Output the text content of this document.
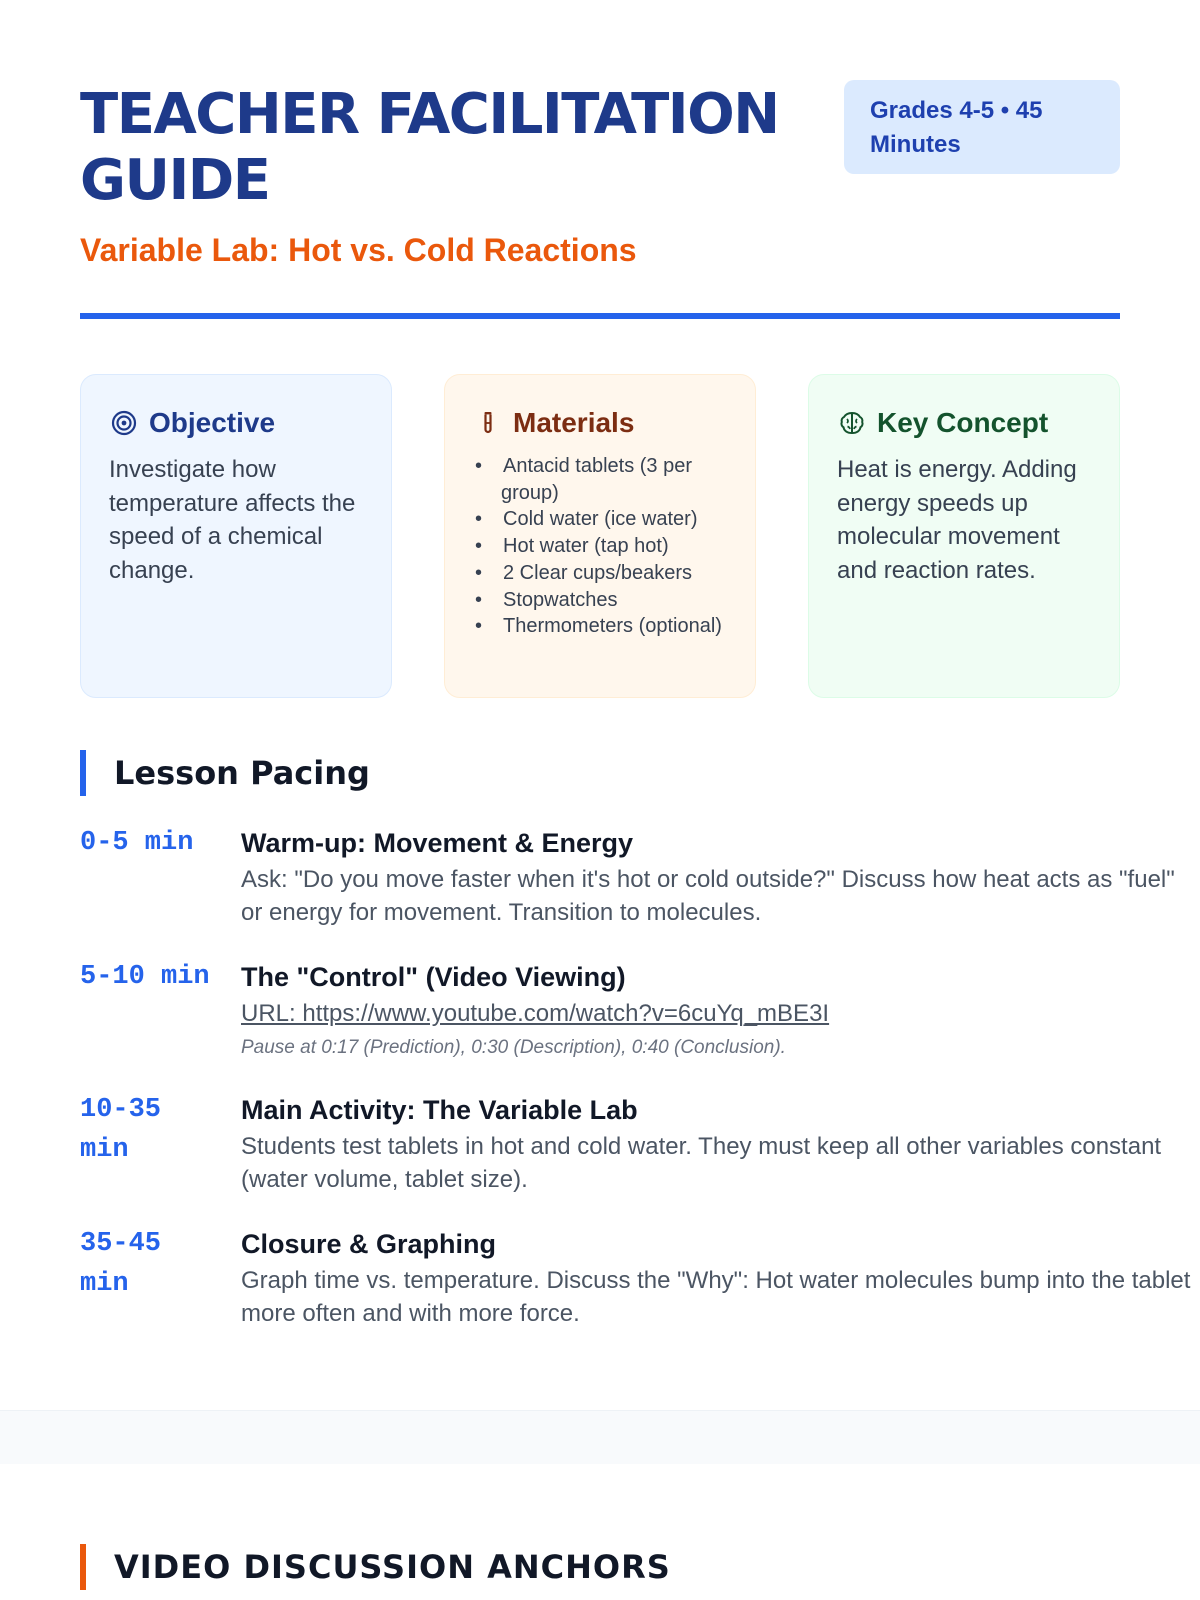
TEACHER FACILITATION GUIDE
Grades 4-5 • 45 Minutes
Variable Lab: Hot vs. Cold Reactions
Objective

Investigate how temperature affects the speed of a chemical change.

Materials
• Antacid tablets (3 per group)
• Cold water (ice water)
• Hot water (tap hot)
• 2 Clear cups/beakers
• Stopwatches
• Thermometers (optional)
Key Concept

Heat is energy. Adding energy speeds up molecular movement and reaction rates.

Lesson Pacing
0-5 min	Warm-up: Movement & Energy

Ask: "Do you move faster when it's hot or cold outside?" Discuss how heat acts as "fuel" or energy for movement. Transition to molecules.

5-10 min	The "Control" (Video Viewing)
URL: https://www.youtube.com/watch?v=6cuYq_mBE3I

Pause at 0:17 (Prediction), 0:30 (Description), 0:40 (Conclusion).

10-35 min
Main Activity: The Variable Lab

Students test tablets in hot and cold water. They must keep all other variables constant (water volume, tablet size).

35-45 min
Closure & Graphing

Graph time vs. temperature. Discuss the "Why": Hot water molecules bump into the tablet more often and with more force.

VIDEO DISCUSSION ANCHORS
